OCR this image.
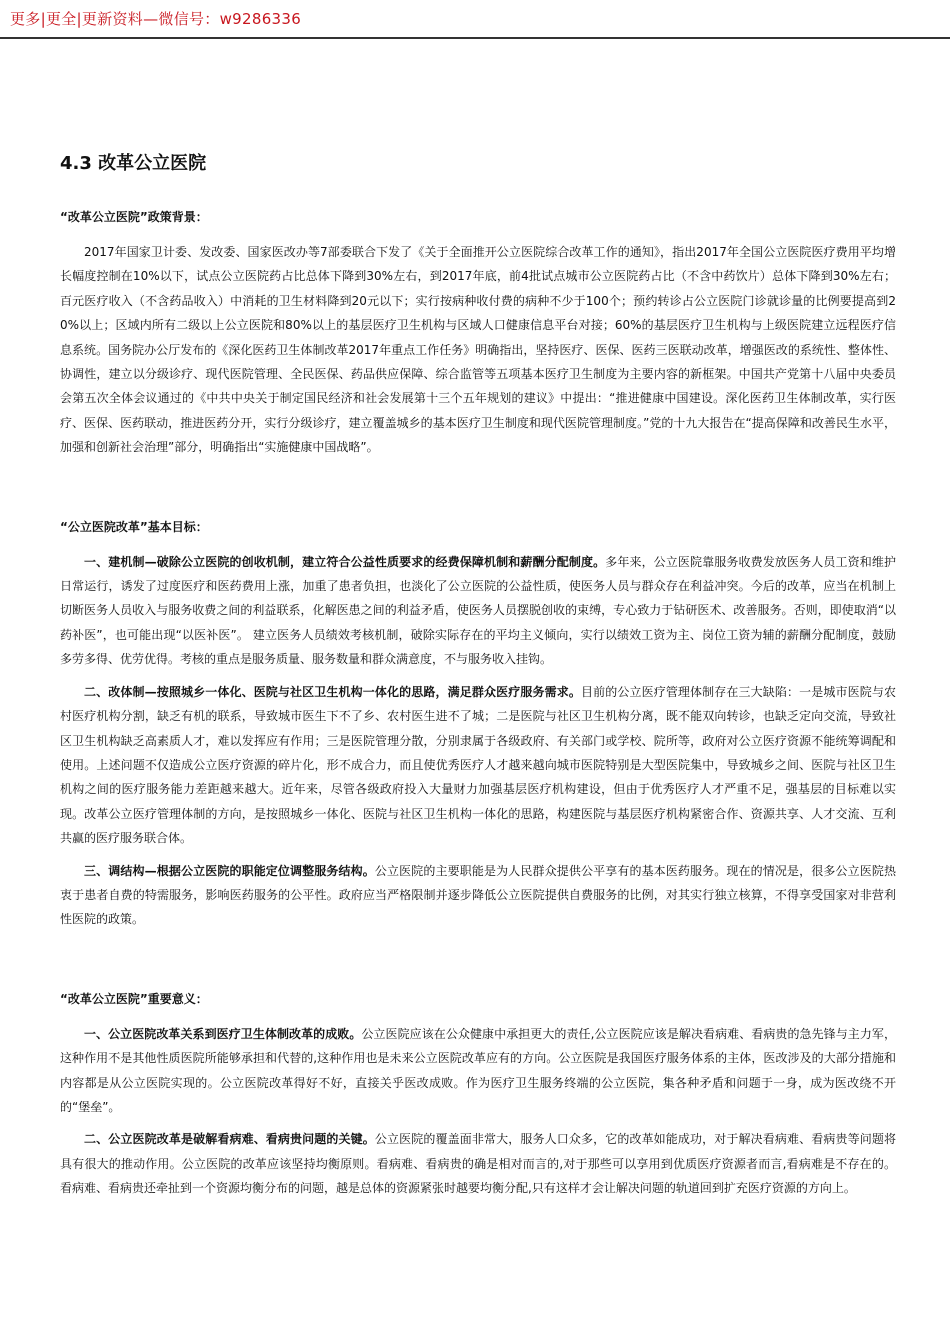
更多|更全|更新资料—微信号：w9286336
4.3 改革公立医院
“改革公立医院”政策背景：

2017年国家卫计委、发改委、国家医改办等7部委联合下发了《关于全面推开公立医院综合改革工作的通知》，指出2017年全国公立医院医疗费用平均增长幅度控制在10%以下，试点公立医院药占比总体下降到30%左右，到2017年底，前4批试点城市公立医院药占比（不含中药饮片）总体下降到30%左右；百元医疗收入（不含药品收入）中消耗的卫生材料降到20元以下；实行按病种收付费的病种不少于100个；预约转诊占公立医院门诊就诊量的比例要提高到20%以上；区域内所有二级以上公立医院和80%以上的基层医疗卫生机构与区域人口健康信息平台对接；60%的基层医疗卫生机构与上级医院建立远程医疗信息系统。国务院办公厅发布的《深化医药卫生体制改革2017年重点工作任务》明确指出，坚持医疗、医保、医药三医联动改革，增强医改的系统性、整体性、协调性，建立以分级诊疗、现代医院管理、全民医保、药品供应保障、综合监管等五项基本医疗卫生制度为主要内容的新框架。中国共产党第十八届中央委员会第五次全体会议通过的《中共中央关于制定国民经济和社会发展第十三个五年规划的建议》中提出：“推进健康中国建设。深化医药卫生体制改革，实行医疗、医保、医药联动，推进医药分开，实行分级诊疗，建立覆盖城乡的基本医疗卫生制度和现代医院管理制度。”党的十九大报告在“提高保障和改善民生水平，加强和创新社会治理”部分，明确指出“实施健康中国战略”。

“公立医院改革”基本目标：

一、建机制—破除公立医院的创收机制，建立符合公益性质要求的经费保障机制和薪酬分配制度。多年来，公立医院靠服务收费发放医务人员工资和维护日常运行，诱发了过度医疗和医药费用上涨，加重了患者负担，也淡化了公立医院的公益性质，使医务人员与群众存在利益冲突。今后的改革，应当在机制上切断医务人员收入与服务收费之间的利益联系，化解医患之间的利益矛盾，使医务人员摆脱创收的束缚，专心致力于钻研医术、改善服务。否则，即使取消“以药补医”，也可能出现“以医补医”。 建立医务人员绩效考核机制，破除实际存在的平均主义倾向，实行以绩效工资为主、岗位工资为辅的薪酬分配制度，鼓励多劳多得、优劳优得。考核的重点是服务质量、服务数量和群众满意度，不与服务收入挂钩。

二、改体制—按照城乡一体化、医院与社区卫生机构一体化的思路，满足群众医疗服务需求。目前的公立医疗管理体制存在三大缺陷：一是城市医院与农村医疗机构分割，缺乏有机的联系，导致城市医生下不了乡、农村医生进不了城；二是医院与社区卫生机构分离，既不能双向转诊，也缺乏定向交流，导致社区卫生机构缺乏高素质人才，难以发挥应有作用；三是医院管理分散，分别隶属于各级政府、有关部门或学校、院所等，政府对公立医疗资源不能统筹调配和使用。上述问题不仅造成公立医疗资源的碎片化，形不成合力，而且使优秀医疗人才越来越向城市医院特别是大型医院集中，导致城乡之间、医院与社区卫生机构之间的医疗服务能力差距越来越大。近年来，尽管各级政府投入大量财力加强基层医疗机构建设，但由于优秀医疗人才严重不足，强基层的目标难以实现。改革公立医疗管理体制的方向，是按照城乡一体化、医院与社区卫生机构一体化的思路，构建医院与基层医疗机构紧密合作、资源共享、人才交流、互利共赢的医疗服务联合体。

三、调结构—根据公立医院的职能定位调整服务结构。公立医院的主要职能是为人民群众提供公平享有的基本医药服务。现在的情况是，很多公立医院热衷于患者自费的特需服务，影响医药服务的公平性。政府应当严格限制并逐步降低公立医院提供自费服务的比例，对其实行独立核算，不得享受国家对非营利性医院的政策。

“改革公立医院”重要意义：

一、公立医院改革关系到医疗卫生体制改革的成败。公立医院应该在公众健康中承担更大的责任,公立医院应该是解决看病难、看病贵的急先锋与主力军，这种作用不是其他性质医院所能够承担和代替的,这种作用也是未来公立医院改革应有的方向。公立医院是我国医疗服务体系的主体，医改涉及的大部分措施和内容都是从公立医院实现的。公立医院改革得好不好，直接关乎医改成败。作为医疗卫生服务终端的公立医院，集各种矛盾和问题于一身，成为医改绕不开的“堡垒”。

二、公立医院改革是破解看病难、看病贵问题的关键。公立医院的覆盖面非常大，服务人口众多，它的改革如能成功，对于解决看病难、看病贵等问题将具有很大的推动作用。公立医院的改革应该坚持均衡原则。看病难、看病贵的确是相对而言的,对于那些可以享用到优质医疗资源者而言,看病难是不存在的。 看病难、看病贵还牵扯到一个资源均衡分布的问题，越是总体的资源紧张时越要均衡分配,只有这样才会让解决问题的轨道回到扩充医疗资源的方向上。
